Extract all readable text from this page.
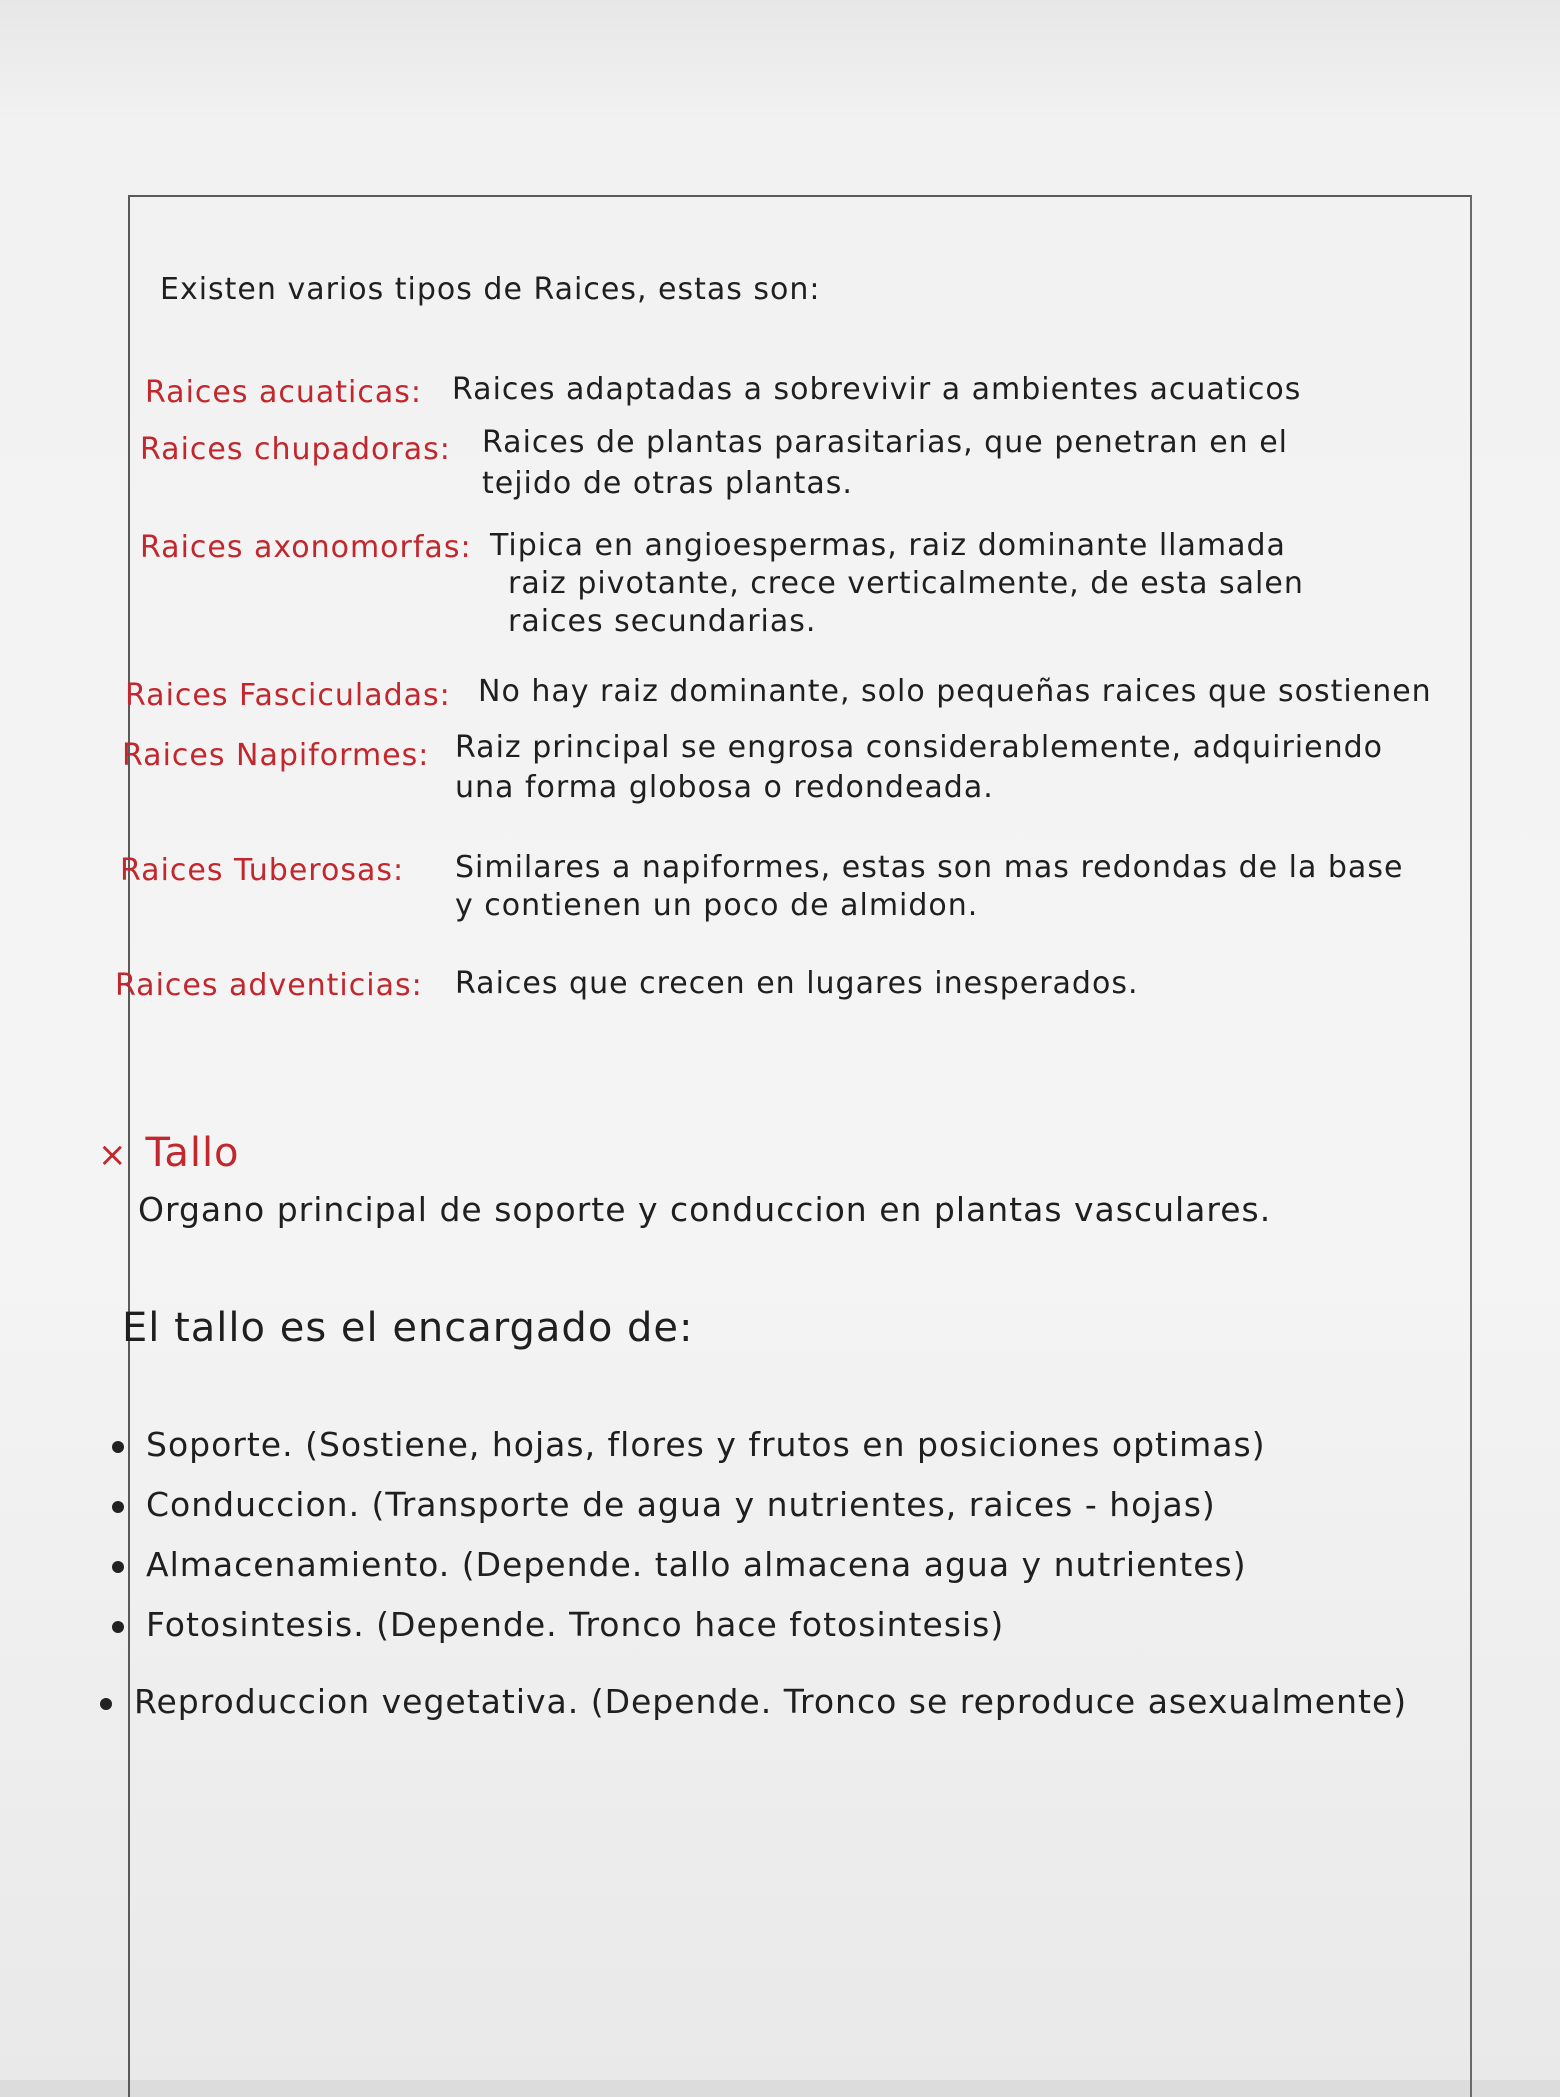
Existen varios tipos de Raices, estas son:
Raices acuaticas: Raices adaptadas a sobrevivir a ambientes acuaticos
Raices chupadoras: Raices de plantas parasitarias, que penetran en el
tejido de otras plantas.
Raices axonomorfas: Tipica en angioespermas, raiz dominante llamada
raiz pivotante, crece verticalmente, de esta salen
raices secundarias.
Raices Fasciculadas: No hay raiz dominante, solo pequeñas raices que sostienen
Raices Napiformes: Raiz principal se engrosa considerablemente, adquiriendo
una forma globosa o redondeada.
Raices Tuberosas: Similares a napiformes, estas son mas redondas de la base
y contienen un poco de almidon.
Raices adventicias: Raices que crecen en lugares inesperados.
× Tallo
Organo principal de soporte y conduccion en plantas vasculares.
El tallo es el encargado de:
Soporte. (Sostiene, hojas, flores y frutos en posiciones optimas)
Conduccion. (Transporte de agua y nutrientes, raices - hojas)
Almacenamiento. (Depende. tallo almacena agua y nutrientes)
Fotosintesis. (Depende. Tronco hace fotosintesis)
Reproduccion vegetativa. (Depende. Tronco se reproduce asexualmente)
